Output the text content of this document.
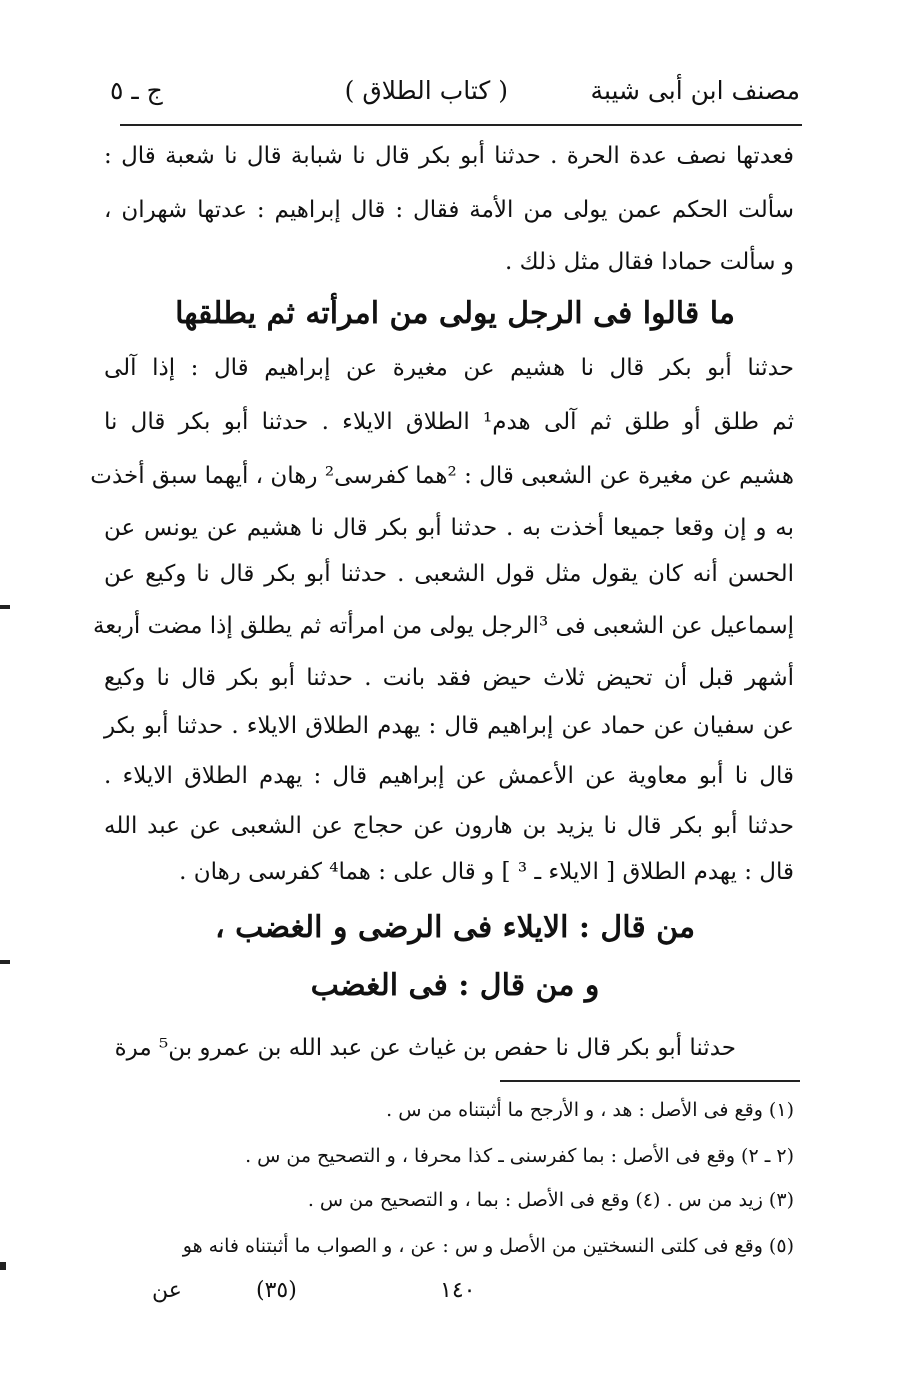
مصنف ابن أبى شيبة
( كتاب الطلاق )
ج ـ ٥
فعدتها نصف عدة الحرة . حدثنا أبو بكر قال نا شبابة قال نا شعبة قال :
سألت الحكم عمن يولى من الأمة فقال : قال إبراهيم : عدتها شهران ،
و سألت حمادا فقال مثل ذلك .
ما قالوا فى الرجل يولى من امرأته ثم يطلقها
حدثنا أبو بكر قال نا هشيم عن مغيرة عن إبراهيم قال : إذا آلى
ثم طلق أو طلق ثم آلى هدم¹ الطلاق الايلاء . حدثنا أبو بكر قال نا
هشيم عن مغيرة عن الشعبى قال : ²هما كفرسى² رهان ، أيهما سبق أخذت
به و إن وقعا جميعا أخذت به . حدثنا أبو بكر قال نا هشيم عن يونس عن
الحسن أنه كان يقول مثل قول الشعبى . حدثنا أبو بكر قال نا وكيع عن
إسماعيل عن الشعبى فى ³الرجل يولى من امرأته ثم يطلق إذا مضت أربعة
أشهر قبل أن تحيض ثلاث حيض فقد بانت . حدثنا أبو بكر قال نا وكيع
عن سفيان عن حماد عن إبراهيم قال : يهدم الطلاق الايلاء . حدثنا أبو بكر
قال نا أبو معاوية عن الأعمش عن إبراهيم قال : يهدم الطلاق الايلاء .
حدثنا أبو بكر قال نا يزيد بن هارون عن حجاج عن الشعبى عن عبد الله
قال : يهدم الطلاق [ الايلاء ـ ³ ] و قال على : هما⁴ كفرسى رهان .
من قال : الايلاء فى الرضى و الغضب ،
و من قال : فى الغضب
حدثنا أبو بكر قال نا حفص بن غياث عن عبد الله بن عمرو بن⁵ مرة
(١) وقع فى الأصل : هد ، و الأرجح ما أثبتناه من س .
(٢ ـ ٢) وقع فى الأصل : بما كفرسنى ـ كذا محرفا ، و التصحيح من س .
(٣) زيد من س . (٤) وقع فى الأصل : بما ، و التصحيح من س .
(٥) وقع فى كلتى النسختين من الأصل و س : عن ، و الصواب ما أثبتناه فانه هو
١٤٠
(٣٥)
عن
